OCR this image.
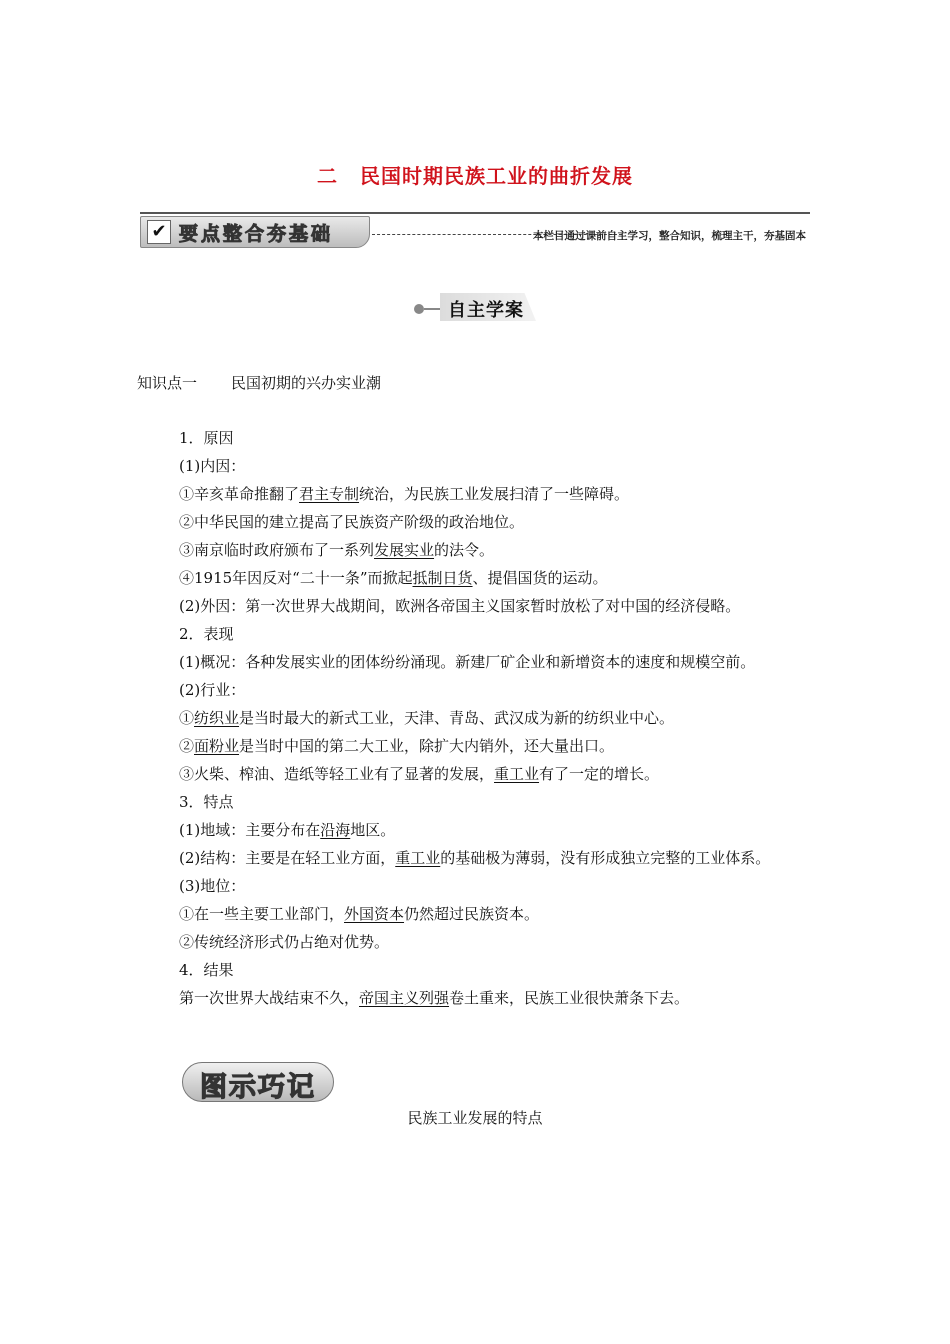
二 民国时期民族工业的曲折发展
✔ 要点整合夯基础	本栏目通过课前自主学习，整合知识，梳理主干，夯基固本
自主学案
知识点一 民国初期的兴办实业潮
1．原因
(1)内因：
①辛亥革命推翻了君主专制统治，为民族工业发展扫清了一些障碍。
②中华民国的建立提高了民族资产阶级的政治地位。
③南京临时政府颁布了一系列发展实业的法令。
④1915年因反对“二十一条”而掀起抵制日货、提倡国货的运动。
(2)外因：第一次世界大战期间，欧洲各帝国主义国家暂时放松了对中国的经济侵略。
2．表现
(1)概况：各种发展实业的团体纷纷涌现。新建厂矿企业和新增资本的速度和规模空前。
(2)行业：
①纺织业是当时最大的新式工业，天津、青岛、武汉成为新的纺织业中心。
②面粉业是当时中国的第二大工业，除扩大内销外，还大量出口。
③火柴、榨油、造纸等轻工业有了显著的发展，重工业有了一定的增长。
3．特点
(1)地域：主要分布在沿海地区。
(2)结构：主要是在轻工业方面，重工业的基础极为薄弱，没有形成独立完整的工业体系。
(3)地位：
①在一些主要工业部门，外国资本仍然超过民族资本。
②传统经济形式仍占绝对优势。
4．结果
第一次世界大战结束不久，帝国主义列强卷土重来，民族工业很快萧条下去。
图示巧记
民族工业发展的特点
